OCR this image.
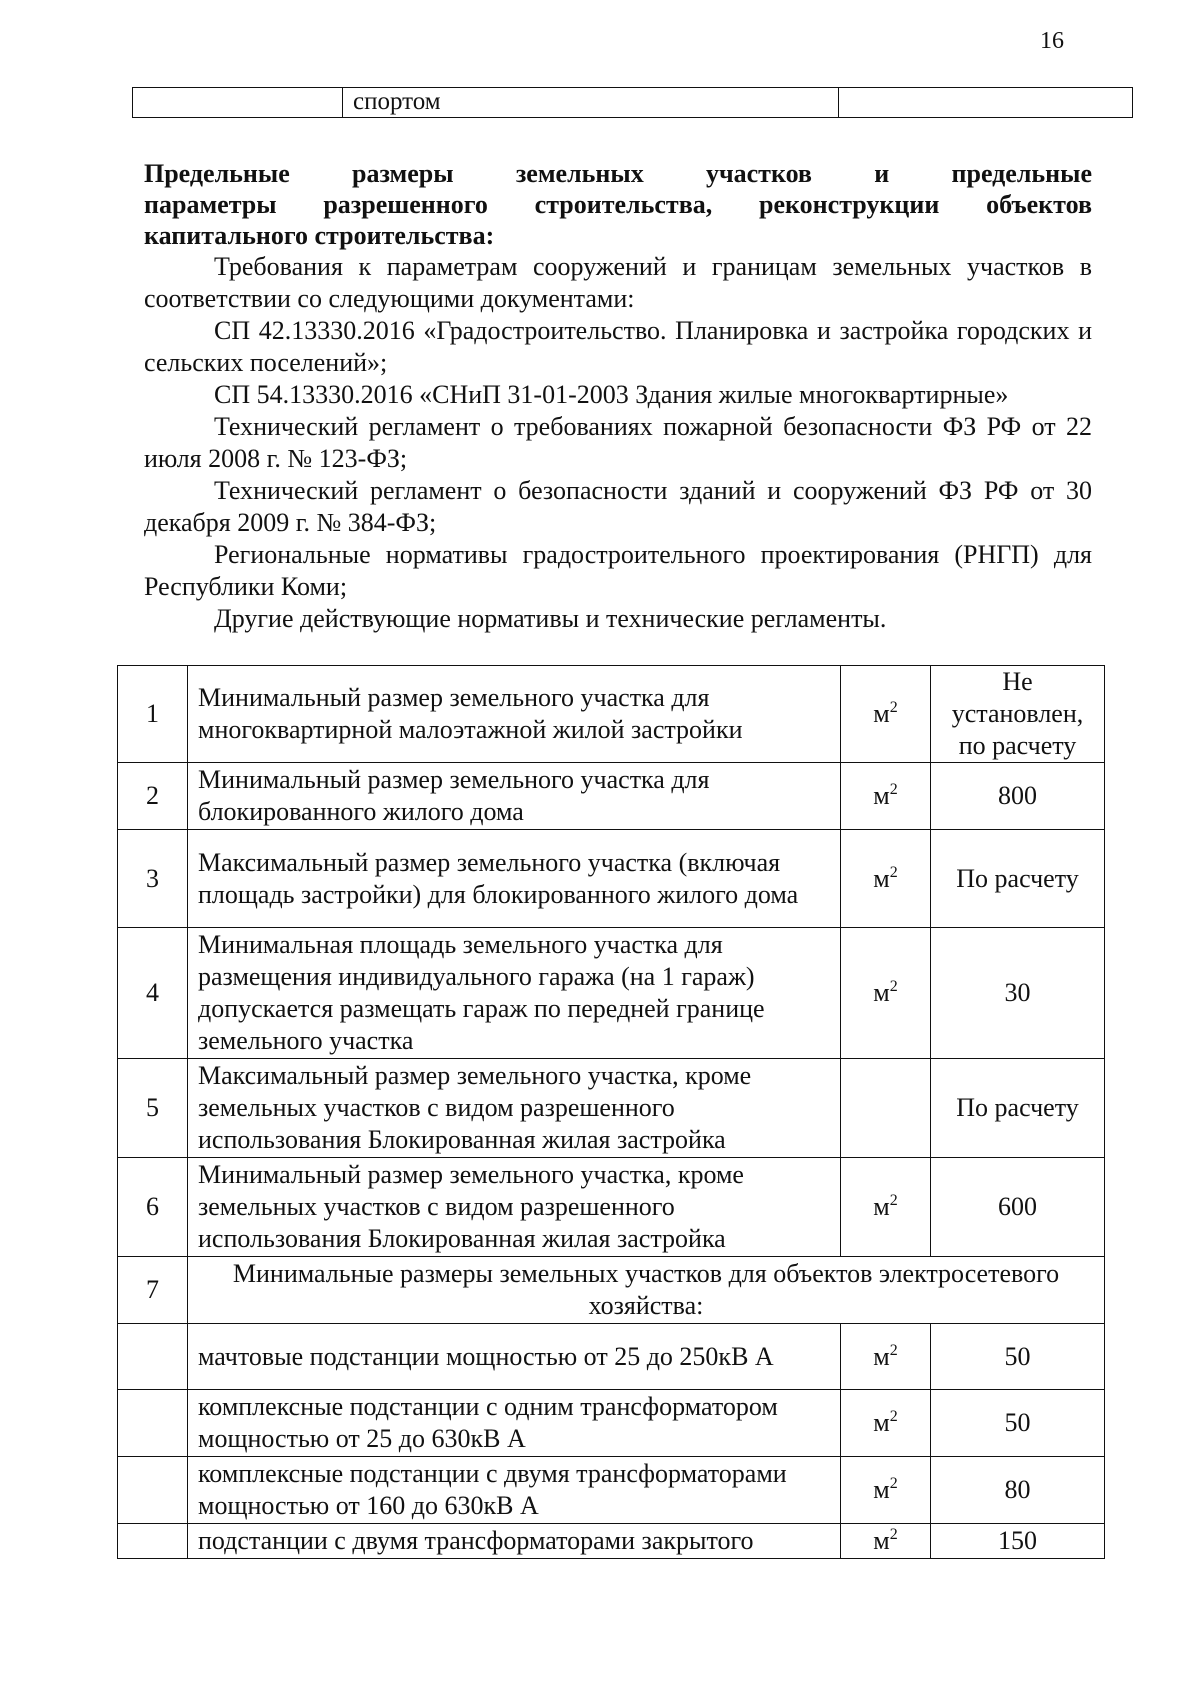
16
	спортом	
Предельные размеры земельных участков и предельные
параметры разрешенного строительства, реконструкции объектов
капитального строительства:

Требования к параметрам сооружений и границам земельных участков в соответствии со следующими документами:

СП 42.13330.2016 «Градостроительство. Планировка и застройка городских и сельских поселений»;

СП 54.13330.2016 «СНиП 31-01-2003 Здания жилые многоквартирные»

Технический регламент о требованиях пожарной безопасности ФЗ РФ от 22 июля 2008 г. № 123-ФЗ;

Технический регламент о безопасности зданий и сооружений ФЗ РФ от 30 декабря 2009 г. № 384-ФЗ;

Региональные нормативы градостроительного проектирования (РНГП) для Республики Коми;

Другие действующие нормативы и технические регламенты.

1	Минимальный размер земельного участка для многоквартирной малоэтажной жилой застройки	$м^2$	Не установлен, по расчету
2	Минимальный размер земельного участка для блокированного жилого дома	$м^2$	800
3	Максимальный размер земельного участка (включая площадь застройки) для блокированного жилого дома	$м^2$	По расчету
4	Минимальная площадь земельного участка для размещения индивидуального гаража (на 1 гараж) допускается размещать гараж по передней границе земельного участка	$м^2$	30
5	Максимальный размер земельного участка, кроме земельных участков с видом разрешенного использования Блокированная жилая застройка		По расчету
6	Минимальный размер земельного участка, кроме земельных участков с видом разрешенного использования Блокированная жилая застройка	$м^2$	600
7	Минимальные размеры земельных участков для объектов электросетевого хозяйства:		
	мачтовые подстанции мощностью от 25 до 250кВ А	$м^2$	50
	комплексные подстанции с одним трансформатором мощностью от 25 до 630кВ А	$м^2$	50
	комплексные подстанции с двумя трансформаторами мощностью от 160 до 630кВ А	$м^2$	80
	подстанции с двумя трансформаторами закрытого	$м^2$	150
